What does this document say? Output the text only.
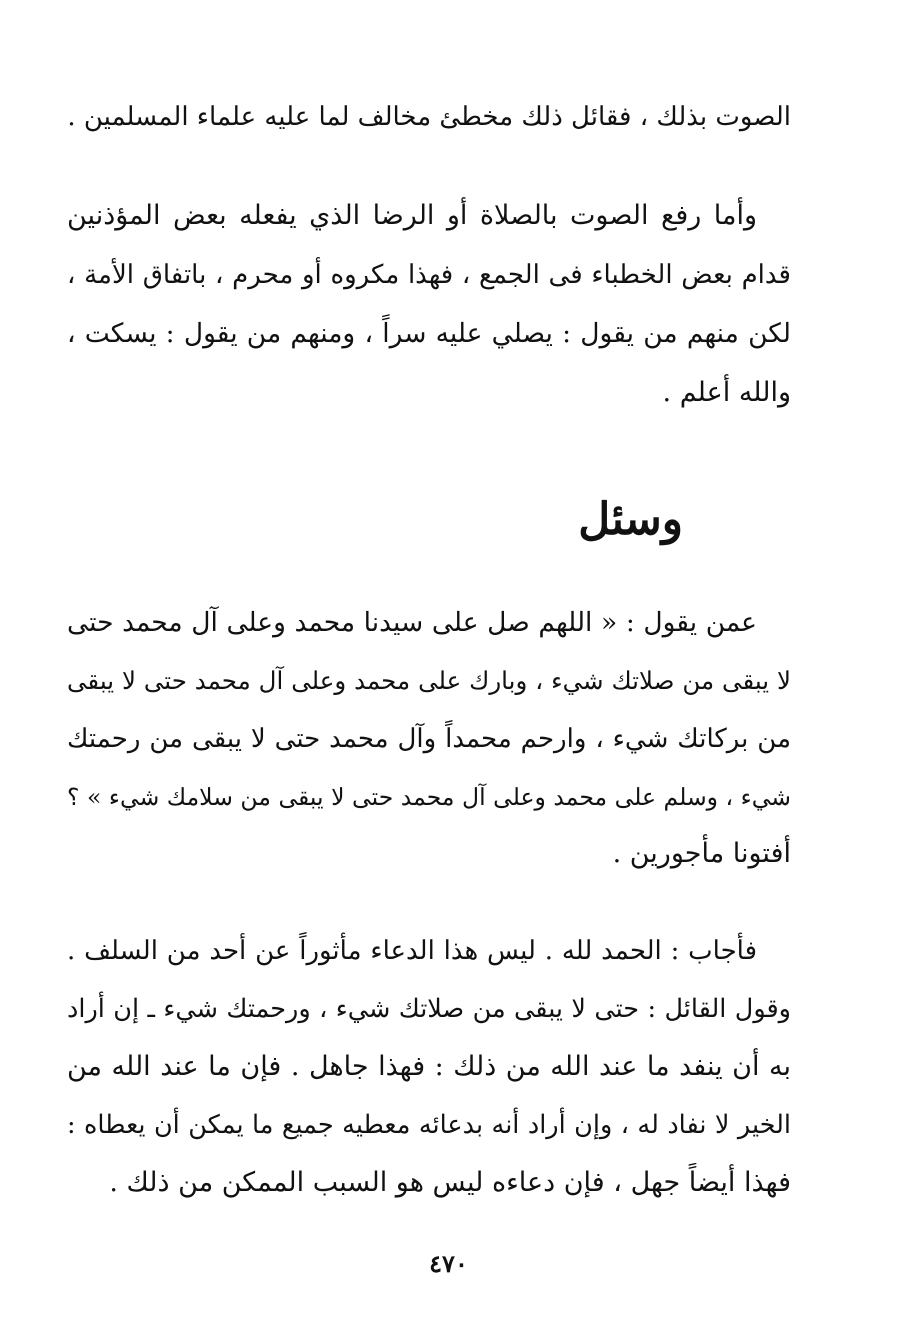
الصوت بذلك ، فقائل ذلك مخطئ مخالف لما عليه علماء المسلمين .
وأما رفع الصوت بالصلاة أو الرضا الذي يفعله بعض المؤذنين
قدام بعض الخطباء فى الجمع ، فهذا مكروه أو محرم ، باتفاق الأمة ،
لكن منهم من يقول : يصلي عليه سراً ، ومنهم من يقول : يسكت ،
والله أعلم .
وسئل
عمن يقول : « اللهم صل على سيدنا محمد وعلى آل محمد حتى
لا يبقى من صلاتك شيء ، وبارك على محمد وعلى آل محمد حتى لا يبقى
من بركاتك شيء ، وارحم محمداً وآل محمد حتى لا يبقى من رحمتك
شيء ، وسلم على محمد وعلى آل محمد حتى لا يبقى من سلامك شيء » ؟
أفتونا مأجورين .
فأجاب : الحمد لله . ليس هذا الدعاء مأثوراً عن أحد من السلف .
وقول القائل : حتى لا يبقى من صلاتك شيء ، ورحمتك شيء ـ إن أراد
به أن ينفد ما عند الله من ذلك : فهذا جاهل . فإن ما عند الله من
الخير لا نفاد له ، وإن أراد أنه بدعائه معطيه جميع ما يمكن أن يعطاه :
فهذا أيضاً جهل ، فإن دعاءه ليس هو السبب الممكن من ذلك .
٤٧٠
